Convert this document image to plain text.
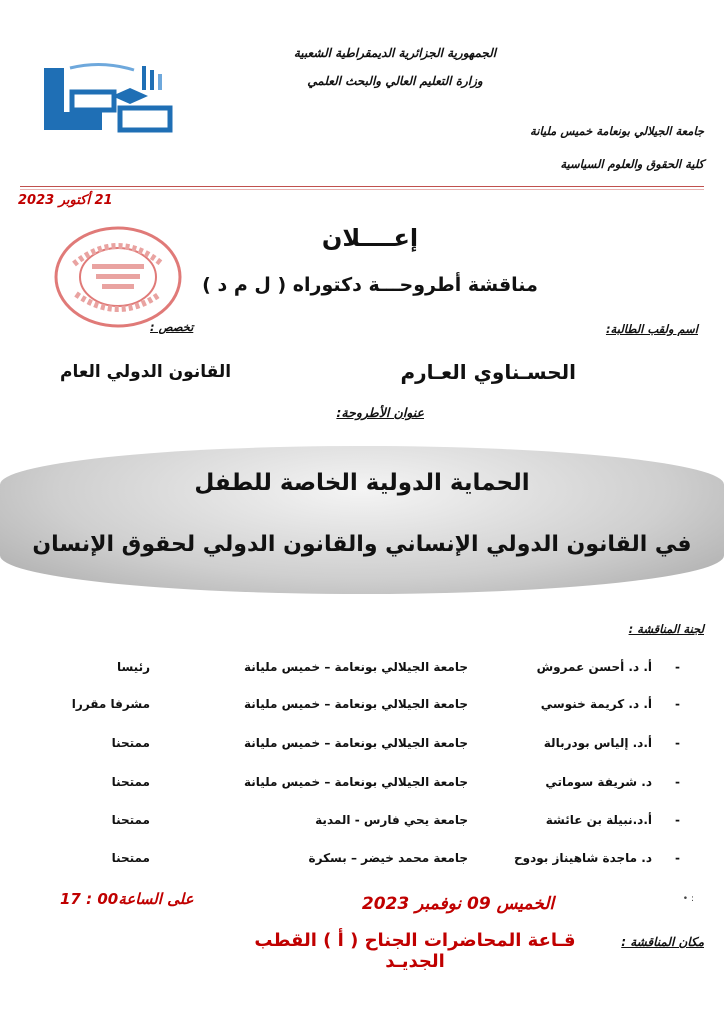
الجمهورية الجزائرية الديمقراطية الشعبية
وزارة التعليم العالي والبحث العلمي
جامعة الجيلالي بونعامة خميس مليانة
كلية الحقوق والعلوم السياسية
21 أكتوبر 2023
إعــــلان
مناقشة أطروحـــة دكتوراه ( ل م د )
اسم ولقب الطالبة:
تخصص :
الحسـناوي العـارم
القانون الدولي العام
عنوان الأطروحة:
الحماية الدولية الخاصة للطفل
في القانون الدولي الإنساني والقانون الدولي لحقوق الإنسان
لجنة المناقشة :
-
أ. د. أحسن عمروش
جامعة الجيلالي بونعامة – خميس مليانة
رئيسا
-
أ. د. كريمة خنوسي
جامعة الجيلالي بونعامة – خميس مليانة
مشرفا مقررا
-
أ.د. إلياس بودربالة
جامعة الجيلالي بونعامة – خميس مليانة
ممتحنا
-
د. شريفة سوماتي
جامعة الجيلالي بونعامة – خميس مليانة
ممتحنا
-
أ.د.نبيلة بن عائشة
جامعة يحي فارس - المدية
ممتحنا
-
د. ماجدة شاهيناز بودوح
جامعة محمد خيضر – بسكرة
ممتحنا
• :
الخميس 09 نوفمبر 2023
على الساعة00 : 17
مكان المناقشة :
قـاعة المحاضرات الجناح ( أ ) القطب الجديـد
